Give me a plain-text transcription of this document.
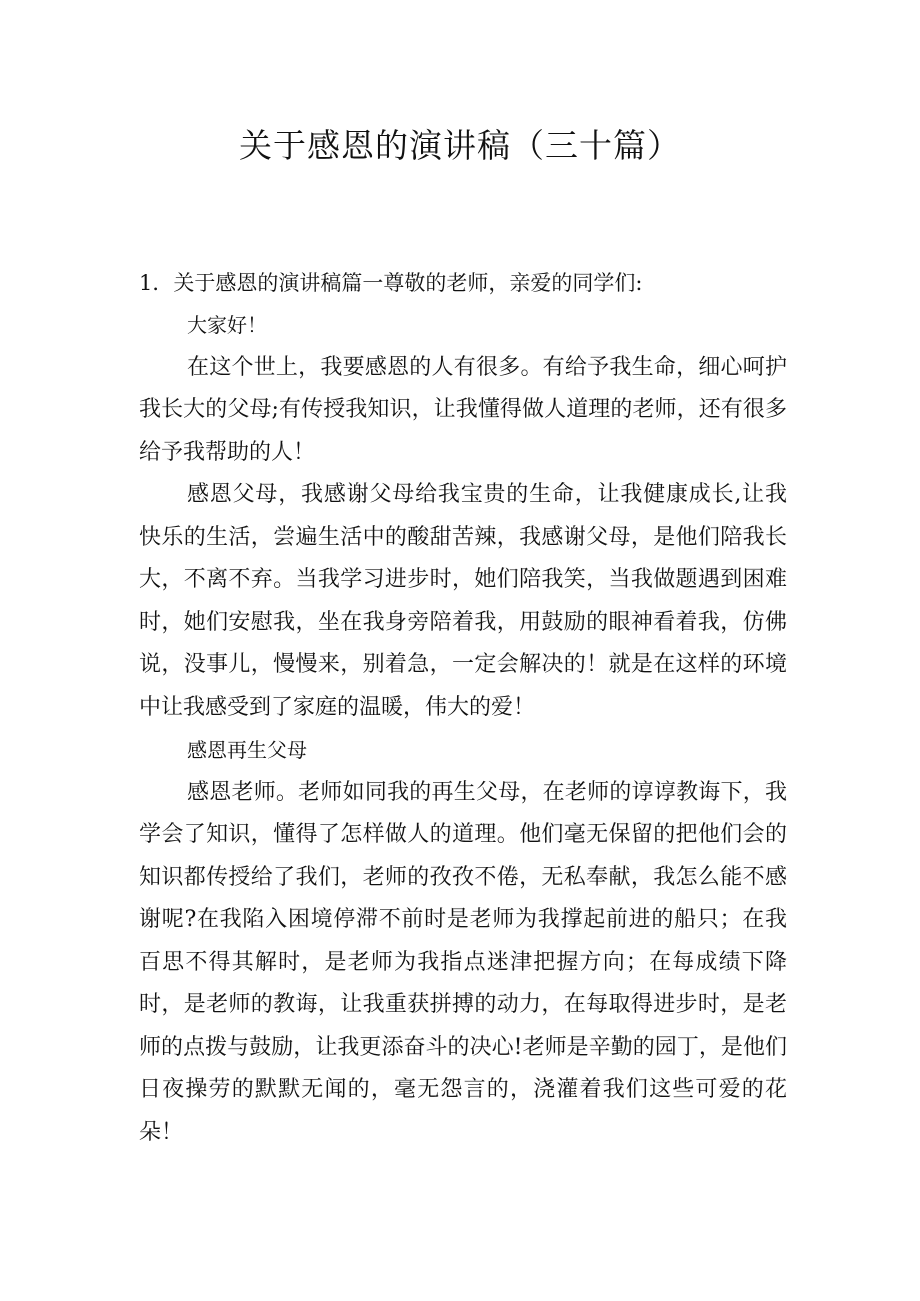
关于感恩的演讲稿（三十篇）

1．关于感恩的演讲稿篇一尊敬的老师，亲爱的同学们:

大家好！

在这个世上，我要感恩的人有很多。有给予我生命，细心呵护我长大的父母;有传授我知识，让我懂得做人道理的老师，还有很多给予我帮助的人！

感恩父母，我感谢父母给我宝贵的生命，让我健康成长,让我快乐的生活，尝遍生活中的酸甜苦辣，我感谢父母，是他们陪我长大，不离不弃。当我学习进步时，她们陪我笑，当我做题遇到困难时，她们安慰我，坐在我身旁陪着我，用鼓励的眼神看着我，仿佛说，没事儿，慢慢来，别着急，一定会解决的！就是在这样的环境中让我感受到了家庭的温暖，伟大的爱！

感恩再生父母

感恩老师。老师如同我的再生父母，在老师的谆谆教诲下，我学会了知识，懂得了怎样做人的道理。他们毫无保留的把他们会的知识都传授给了我们，老师的孜孜不倦，无私奉献，我怎么能不感谢呢?在我陷入困境停滞不前时是老师为我撑起前进的船只；在我百思不得其解时，是老师为我指点迷津把握方向；在每成绩下降时，是老师的教诲，让我重获拼搏的动力，在每取得进步时，是老师的点拨与鼓励，让我更添奋斗的决心!老师是辛勤的园丁，是他们日夜操劳的默默无闻的，毫无怨言的，浇灌着我们这些可爱的花朵！
